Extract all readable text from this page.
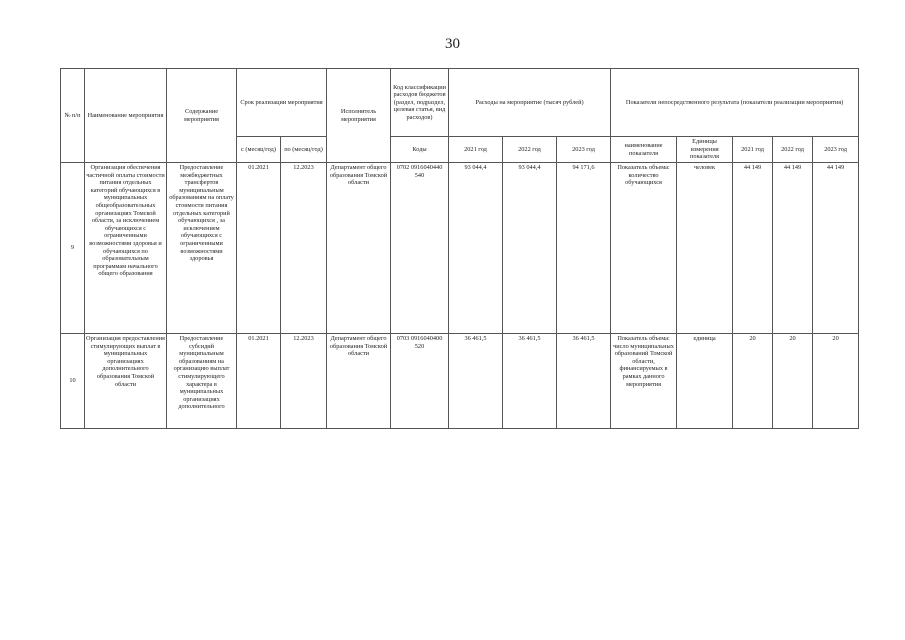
30
№ п/п	Наименование мероприятия	Содержание мероприятия	Срок реализации мероприятия		Исполнитель мероприятия	Код классификации расходов бюджетов (раздел, подраздел, целевая статья, вид расходов)	Расходы на мероприятие (тысяч рублей)			Показатели непосредственного результата (показатели реализации мероприятия)				
			с (месяц/год)	по (месяц/год)		Коды	2021 год	2022 год	2023 год	наименование показателя	Единицы измерения показателя	2021 год	2022 год	2023 год
9	Организация обеспечения частичной оплаты стоимости питания отдельных категорий обучающихся в муниципальных общеобразовательных организациях Томской области, за исключением обучающихся с ограниченными возможностями здоровья и обучающихся по образовательным программам начального общего образования	Предоставление межбюджетных трансфертов муниципальным образованиям на оплату стоимости питания отдельных категорий обучающихся , за исключением обучающихся с ограниченными возможностями здоровья	01.2021	12.2023	Департамент общего образования Томской области	0702 0916040440 540	93 044,4	93 044,4	94 171,6	Показатель объема: количество обучающихся	человек	44 149	44 149	44 149
10	Организация предоставления стимулирующих выплат в муниципальных организациях дополнительного образования Томской области	Предоставление субсидий муниципальным образованиям на организацию выплат стимулирующего характера в муниципальных организациях дополнительного	01.2021	12.2023	Департамент общего образования Томской области	0703 0916040400 520	36 461,5	36 461,5	36 461,5	Показатель объема: число муниципальных образований Томской области, финансируемых в рамках данного мероприятия	единица	20	20	20
